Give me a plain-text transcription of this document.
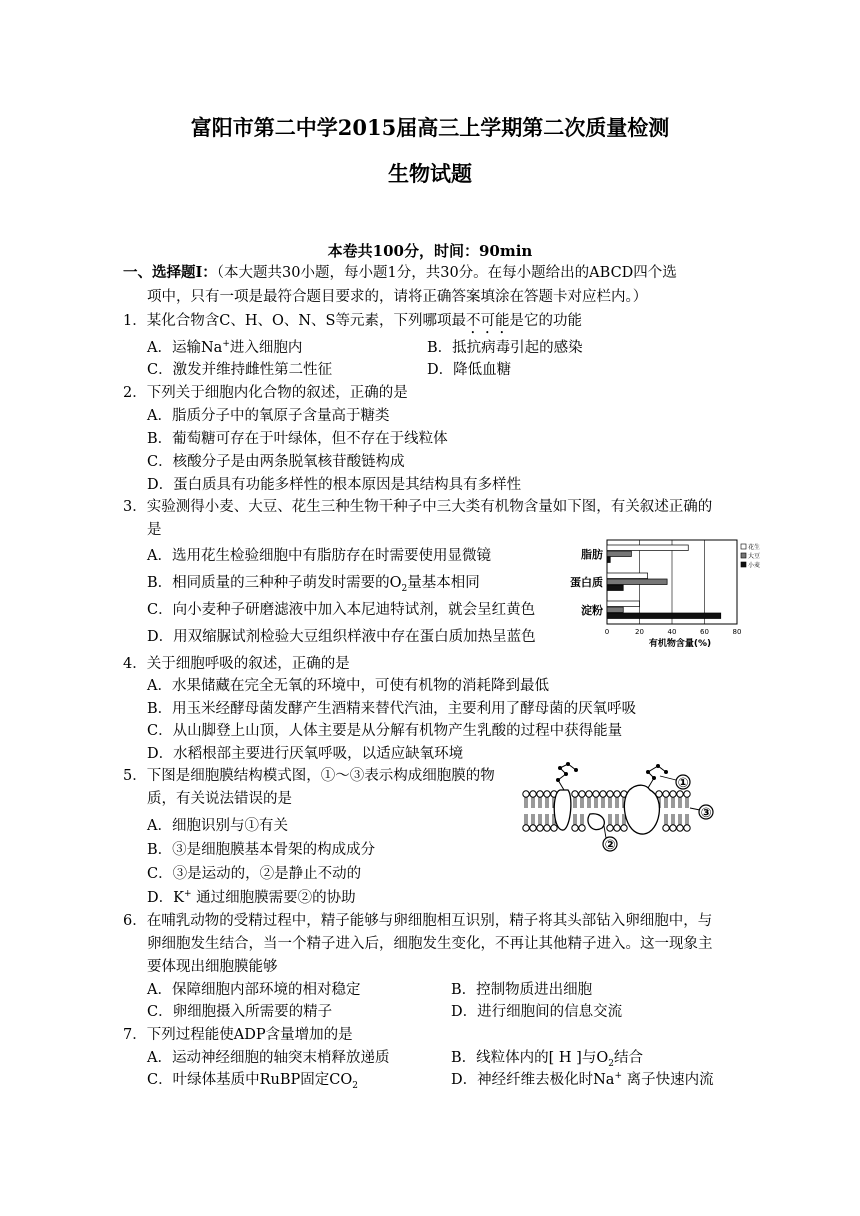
富阳市第二中学2015届高三上学期第二次质量检测
生物试题
本卷共100分，时间：90min
一、选择题Ⅰ：（本大题共30小题，每小题1分，共30分。在每小题给出的ABCD四个选
项中，只有一项是最符合题目要求的，请将正确答案填涂在答题卡对应栏内。）
1．某化合物含C、H、O、N、S等元素，下列哪项最不可能是它的功能
A．运输Na+进入细胞内	B．抵抗病毒引起的感染
C．激发并维持雌性第二性征	D．降低血糖
2．下列关于细胞内化合物的叙述，正确的是
A．脂质分子中的氧原子含量高于糖类
B．葡萄糖可存在于叶绿体，但不存在于线粒体
C．核酸分子是由两条脱氧核苷酸链构成
D．蛋白质具有功能多样性的根本原因是其结构具有多样性
3．实验测得小麦、大豆、花生三种生物干种子中三大类有机物含量如下图，有关叙述正确的
是
A．选用花生检验细胞中有脂肪存在时需要使用显微镜
B．相同质量的三种种子萌发时需要的$O_2$量基本相同
C．向小麦种子研磨滤液中加入本尼迪特试剂，就会呈红黄色
D．用双缩脲试剂检验大豆组织样液中存在蛋白质加热呈蓝色	0	20	40	60	80
脂肪
蛋白质
淀粉
有机物含量(%)
花生
大豆
小麦
4．关于细胞呼吸的叙述，正确的是
A．水果储藏在完全无氧的环境中，可使有机物的消耗降到最低
B．用玉米经酵母菌发酵产生酒精来替代汽油，主要利用了酵母菌的厌氧呼吸
C．从山脚登上山顶，人体主要是从分解有机物产生乳酸的过程中获得能量
D．水稻根部主要进行厌氧呼吸，以适应缺氧环境
5．下图是细胞膜结构模式图，①～③表示构成细胞膜的物
质，有关说法错误的是
A．细胞识别与①有关
B．③是细胞膜基本骨架的构成成分
C．③是运动的，②是静止不动的
D．K+ 通过细胞膜需要②的协助
①
②
③
6．在哺乳动物的受精过程中，精子能够与卵细胞相互识别，精子将其头部钻入卵细胞中，与
卵细胞发生结合，当一个精子进入后，细胞发生变化，不再让其他精子进入。这一现象主
要体现出细胞膜能够
A．保障细胞内部环境的相对稳定	B．控制物质进出细胞
C．卵细胞摄入所需要的精子	D．进行细胞间的信息交流
7．下列过程能使ADP含量增加的是
A．运动神经细胞的轴突末梢释放递质	B．线粒体内的[ H ]与$O_2$结合
C．叶绿体基质中RuBP固定$CO_2$	D．神经纤维去极化时Na+ 离子快速内流
